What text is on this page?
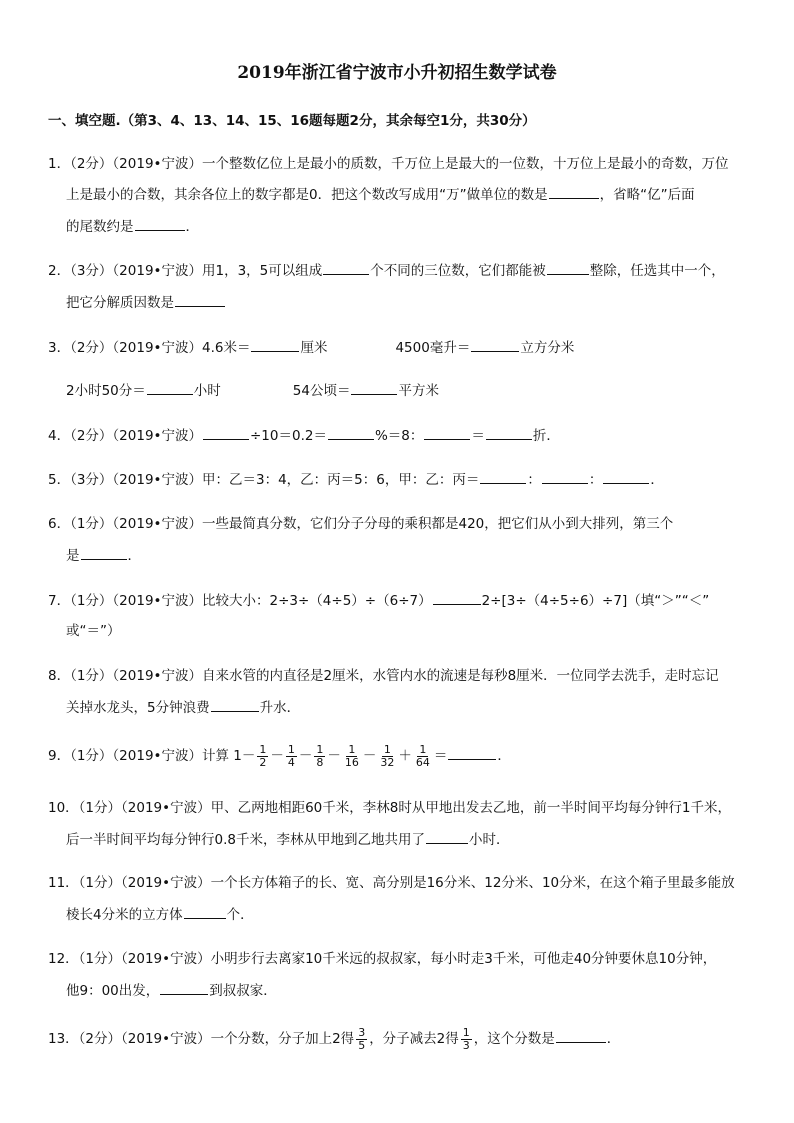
2019年浙江省宁波市小升初招生数学试卷
一、填空题.（第3、4、13、14、15、16题每题2分，其余每空1分，共30分）
1．（2分）（2019•宁波）一个整数亿位上是最小的质数，千万位上是最大的一位数，十万位上是最小的奇数，万位
上是最小的合数，其余各位上的数字都是0．把这个数改写成用“万”做单位的数是	，省略“亿”后面
的尾数约是	．
2．（3分）（2019•宁波）用1，3，5可以组成	个不同的三位数，它们都能被	整除，任选其中一个，
把它分解质因数是
3．（2分）（2019•宁波）4.6米＝	厘米	4500毫升＝	立方分米
2小时50分＝	小时	54公顷＝	平方米
4．（2分）（2019•宁波）	÷10＝0.2＝	%＝8：	＝	折．
5．（3分）（2019•宁波）甲：乙＝3：4，乙：丙＝5：6，甲：乙：丙＝	：	：	．
6．（1分）（2019•宁波）一些最简真分数，它们分子分母的乘积都是420，把它们从小到大排列，第三个
是	．
7．（1分）（2019•宁波）比较大小：2÷3÷（4÷5）÷（6÷7）	2÷[3÷（4÷5÷6）÷7]（填“＞”“＜”
或“＝”）
8．（1分）（2019•宁波）自来水管的内直径是2厘米，水管内水的流速是每秒8厘米．一位同学去洗手，走时忘记
关掉水龙头，5分钟浪费	升水．
9．（1分）（2019•宁波）计算 $1- \frac{1}{2} - \frac{1}{4} - \frac{1}{8} - \frac{1}{16} - \frac{1}{32} + \frac{1}{64}$ ＝	．
10．（1分）（2019•宁波）甲、乙两地相距60千米，李林8时从甲地出发去乙地，前一半时间平均每分钟行1千米，
后一半时间平均每分钟行0.8千米，李林从甲地到乙地共用了	小时．
11．（1分）（2019•宁波）一个长方体箱子的长、宽、高分别是16分米、12分米、10分米，在这个箱子里最多能放
棱长4分米的立方体	个．
12．（1分）（2019•宁波）小明步行去离家10千米远的叔叔家，每小时走3千米，可他走40分钟要休息10分钟，
他9：00出发，	到叔叔家．
13．（2分）（2019•宁波）一个分数，分子加上2得 $\frac{3}{5}$ ，分子减去2得 $\frac{1}{3}$ ，这个分数是	．
